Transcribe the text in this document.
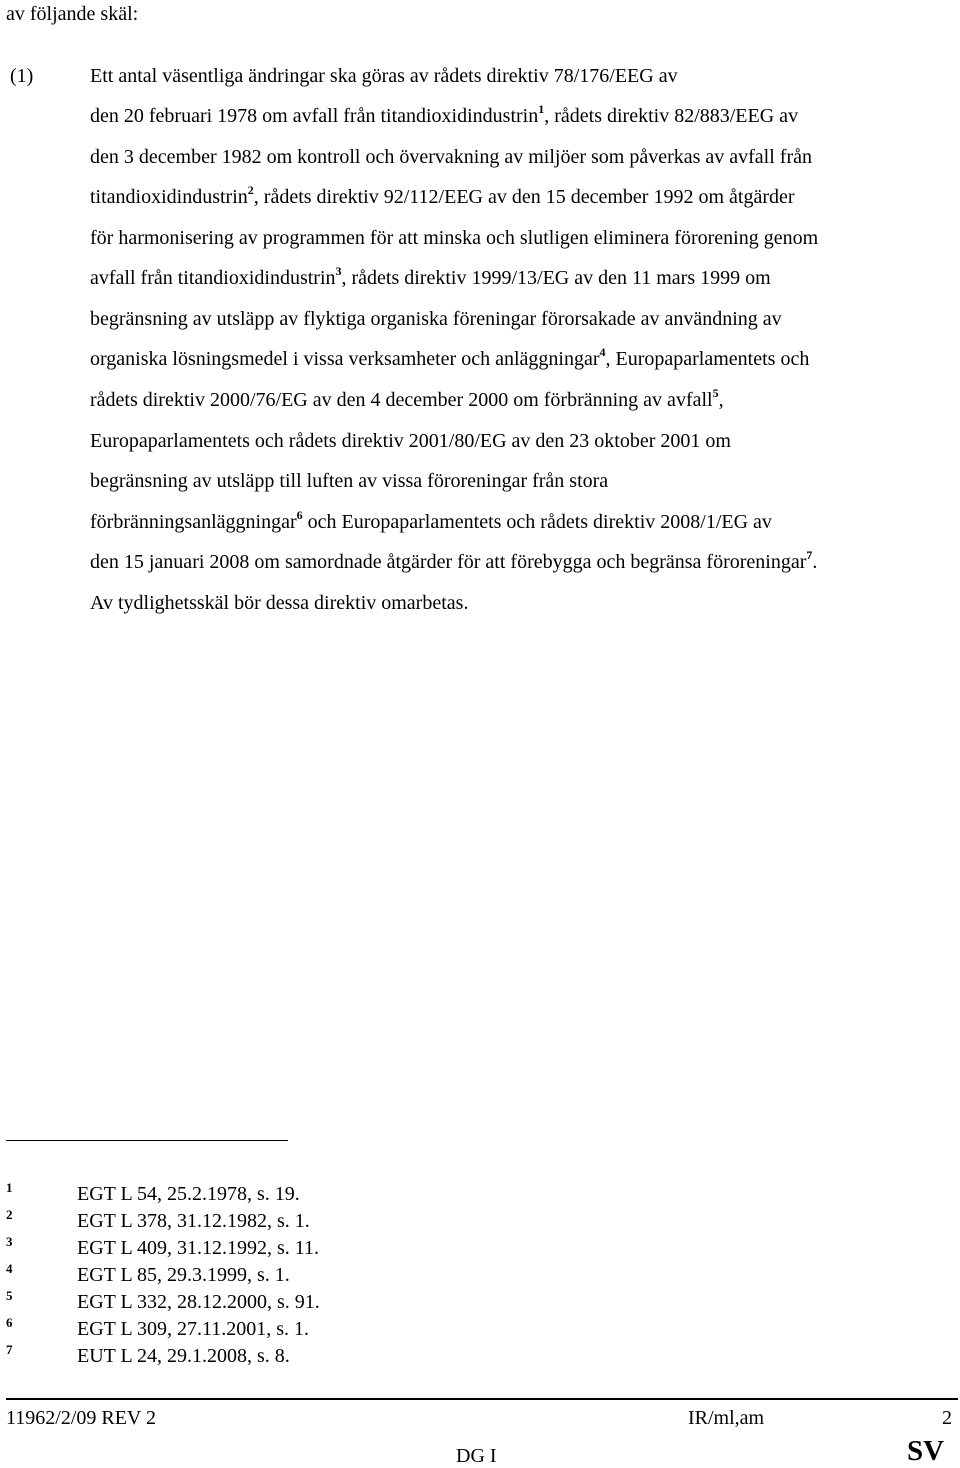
av följande skäl:
(1)	Ett antal väsentliga ändringar ska göras av rådets direktiv 78/176/EEG av
den 20 februari 1978 om avfall från titandioxidindustrin$^1$, rådets direktiv 82/883/EEG av
den 3 december 1982 om kontroll och övervakning av miljöer som påverkas av avfall från
titandioxidindustrin$^2$, rådets direktiv 92/112/EEG av den 15 december 1992 om åtgärder
för harmonisering av programmen för att minska och slutligen eliminera förorening genom
avfall från titandioxidindustrin$^3$, rådets direktiv 1999/13/EG av den 11 mars 1999 om
begränsning av utsläpp av flyktiga organiska föreningar förorsakade av användning av
organiska lösningsmedel i vissa verksamheter och anläggningar$^4$, Europaparlamentets och
rådets direktiv 2000/76/EG av den 4 december 2000 om förbränning av avfall$^5$,
Europaparlamentets och rådets direktiv 2001/80/EG av den 23 oktober 2001 om
begränsning av utsläpp till luften av vissa föroreningar från stora
förbränningsanläggningar$^6$ och Europaparlamentets och rådets direktiv 2008/1/EG av
den 15 januari 2008 om samordnade åtgärder för att förebygga och begränsa föroreningar$^7$.
Av tydlighetsskäl bör dessa direktiv omarbetas.
1	EGT L 54, 25.2.1978, s. 19.
2	EGT L 378, 31.12.1982, s. 1.
3	EGT L 409, 31.12.1992, s. 11.
4	EGT L 85, 29.3.1999, s. 1.
5	EGT L 332, 28.12.2000, s. 91.
6	EGT L 309, 27.11.2001, s. 1.
7	EUT L 24, 29.1.2008, s. 8.
11962/2/09 REV 2	IR/ml,am	2
DG I	SV
